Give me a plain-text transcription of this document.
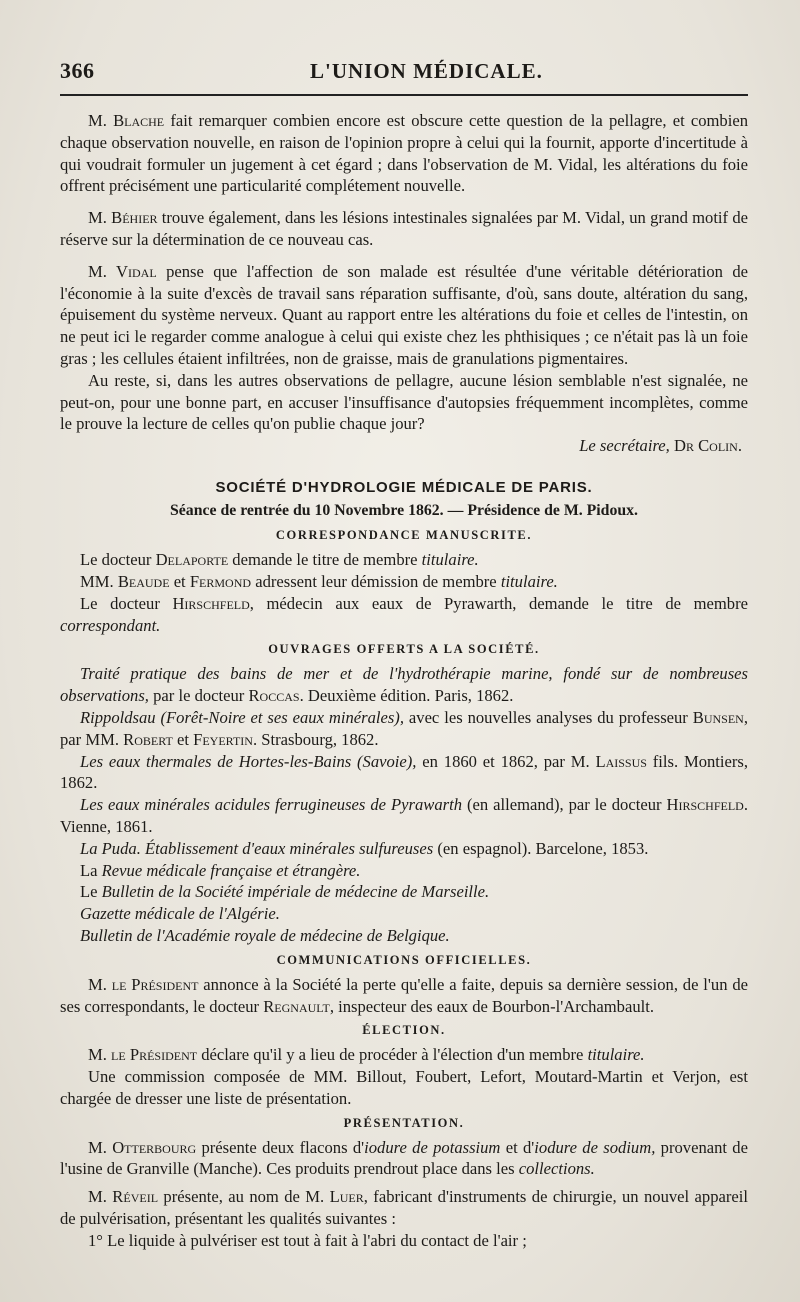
366	L'UNION MÉDICALE.

M. Blache fait remarquer combien encore est obscure cette question de la pellagre, et combien chaque observation nouvelle, en raison de l'opinion propre à celui qui la fournit, apporte d'incertitude à qui voudrait formuler un jugement à cet égard ; dans l'observation de M. Vidal, les altérations du foie offrent précisément une particularité complétement nouvelle.

M. Béhier trouve également, dans les lésions intestinales signalées par M. Vidal, un grand motif de réserve sur la détermination de ce nouveau cas.

M. Vidal pense que l'affection de son malade est résultée d'une véritable détérioration de l'économie à la suite d'excès de travail sans réparation suffisante, d'où, sans doute, altération du sang, épuisement du système nerveux. Quant au rapport entre les altérations du foie et celles de l'intestin, on ne peut ici le regarder comme analogue à celui qui existe chez les phthisiques ; ce n'était pas là un foie gras ; les cellules étaient infiltrées, non de graisse, mais de granulations pigmentaires.

Au reste, si, dans les autres observations de pellagre, aucune lésion semblable n'est signalée, ne peut-on, pour une bonne part, en accuser l'insuffisance d'autopsies fréquemment incomplètes, comme le prouve la lecture de celles qu'on publie chaque jour?

Le secrétaire, Dr Colin.
SOCIÉTÉ D'HYDROLOGIE MÉDICALE DE PARIS.
Séance de rentrée du 10 Novembre 1862. — Présidence de M. Pidoux.
CORRESPONDANCE MANUSCRITE.

Le docteur Delaporte demande le titre de membre titulaire.

MM. Beaude et Fermond adressent leur démission de membre titulaire.

Le docteur Hirschfeld, médecin aux eaux de Pyrawarth, demande le titre de membre correspondant.

OUVRAGES OFFERTS A LA SOCIÉTÉ.

Traité pratique des bains de mer et de l'hydrothérapie marine, fondé sur de nombreuses observations, par le docteur Roccas. Deuxième édition. Paris, 1862.

Rippoldsau (Forêt-Noire et ses eaux minérales), avec les nouvelles analyses du professeur Bunsen, par MM. Robert et Feyertin. Strasbourg, 1862.

Les eaux thermales de Hortes-les-Bains (Savoie), en 1860 et 1862, par M. Laissus fils. Montiers, 1862.

Les eaux minérales acidules ferrugineuses de Pyrawarth (en allemand), par le docteur Hirschfeld. Vienne, 1861.

La Puda. Établissement d'eaux minérales sulfureuses (en espagnol). Barcelone, 1853.

La Revue médicale française et étrangère.

Le Bulletin de la Société impériale de médecine de Marseille.

Gazette médicale de l'Algérie.

Bulletin de l'Académie royale de médecine de Belgique.

COMMUNICATIONS OFFICIELLES.

M. le Président annonce à la Société la perte qu'elle a faite, depuis sa dernière session, de l'un de ses correspondants, le docteur Regnault, inspecteur des eaux de Bourbon-l'Archambault.

ÉLECTION.

M. le Président déclare qu'il y a lieu de procéder à l'élection d'un membre titulaire.

Une commission composée de MM. Billout, Foubert, Lefort, Moutard-Martin et Verjon, est chargée de dresser une liste de présentation.

PRÉSENTATION.

M. Otterbourg présente deux flacons d'iodure de potassium et d'iodure de sodium, provenant de l'usine de Granville (Manche). Ces produits prendrout place dans les collections.

M. Réveil présente, au nom de M. Luer, fabricant d'instruments de chirurgie, un nouvel appareil de pulvérisation, présentant les qualités suivantes :

1° Le liquide à pulvériser est tout à fait à l'abri du contact de l'air ;
